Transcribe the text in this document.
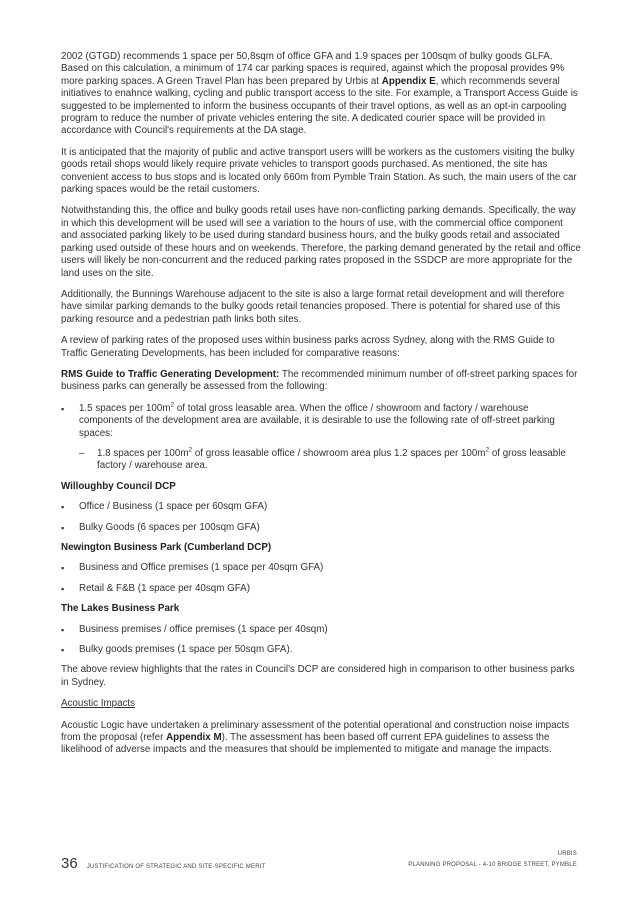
2002 (GTGD) recommends 1 space per 50,8sqm of office GFA and 1.9 spaces per 100sqm of bulky goods GLFA. Based on this calculation, a minimum of 174 car parking spaces is required, against which the proposal provides 9% more parking spaces. A Green Travel Plan has been prepared by Urbis at Appendix E, which recommends several initiatives to enahnce walking, cycling and public transport access to the site. For example, a Transport Access Guide is suggested to be implemented to inform the business occupants of their travel options, as well as an opt-in carpooling program to reduce the number of private vehicles entering the site. A dedicated courier space will be provided in accordance with Council's requirements at the DA stage.

It is anticipated that the majority of public and active transport users willl be workers as the customers visiting the bulky goods retail shops would likely require private vehicles to transport goods purchased. As mentioned, the site has convenient access to bus stops and is located only 660m from Pymble Train Station. As such, the main users of the car parking spaces would be the retail customers.

Notwithstanding this, the office and bulky goods retail uses have non-conflicting parking demands. Specifically, the way in which this development will be used will see a variation to the hours of use, with the commercial office component and associated parking likely to be used during standard business hours, and the bulky goods retail and associated parking used outside of these hours and on weekends. Therefore, the parking demand generated by the retail and office users will likely be non-concurrent and the reduced parking rates proposed in the SSDCP are more appropriate for the land uses on the site.

Additionally, the Bunnings Warehouse adjacent to the site is also a large format retail development and will therefore have similar parking demands to the bulky goods retail tenancies proposed. There is potential for shared use of this parking resource and a pedestrian path links both sites.

A review of parking rates of the proposed uses within business parks across Sydney, along with the RMS Guide to Traffic Generating Developments, has been included for comparative reasons:

RMS Guide to Traffic Generating Development: The recommended minimum number of off-street parking spaces for business parks can generally be assessed from the following:

▪ 1.5 spaces per $100m^2$ of total gross leasable area. When the office / showroom and factory / warehouse components of the development area are available, it is desirable to use the following rate of off-street parking spaces:
– 1.8 spaces per $100m^2$ of gross leasable office / showroom area plus 1.2 spaces per $100m^2$ of gross leasable factory / warehouse area.
Willoughby Council DCP
▪ Office / Business (1 space per 60sqm GFA)
▪ Bulky Goods (6 spaces per 100sqm GFA)
Newington Business Park (Cumberland DCP)
▪ Business and Office premises (1 space per 40sqm GFA)
▪ Retail & F&B (1 space per 40sqm GFA)
The Lakes Business Park
▪ Business premises / office premises (1 space per 40sqm)
▪ Bulky goods premises (1 space per 50sqm GFA).

The above review highlights that the rates in Council's DCP are considered high in comparison to other business parks in Sydney.

Acoustic Impacts

Acoustic Logic have undertaken a preliminary assessment of the potential operational and construction noise impacts from the proposal (refer Appendix M). The assessment has been based off current EPA guidelines to assess the likelihood of adverse impacts and the measures that should be implemented to mitigate and manage the impacts.

36 JUSTIFICATION OF STRATEGIC AND SITE-SPECIFIC MERIT
URBIS
PLANNING PROPOSAL - 4-10 BRIDGE STREET, PYMBLE
